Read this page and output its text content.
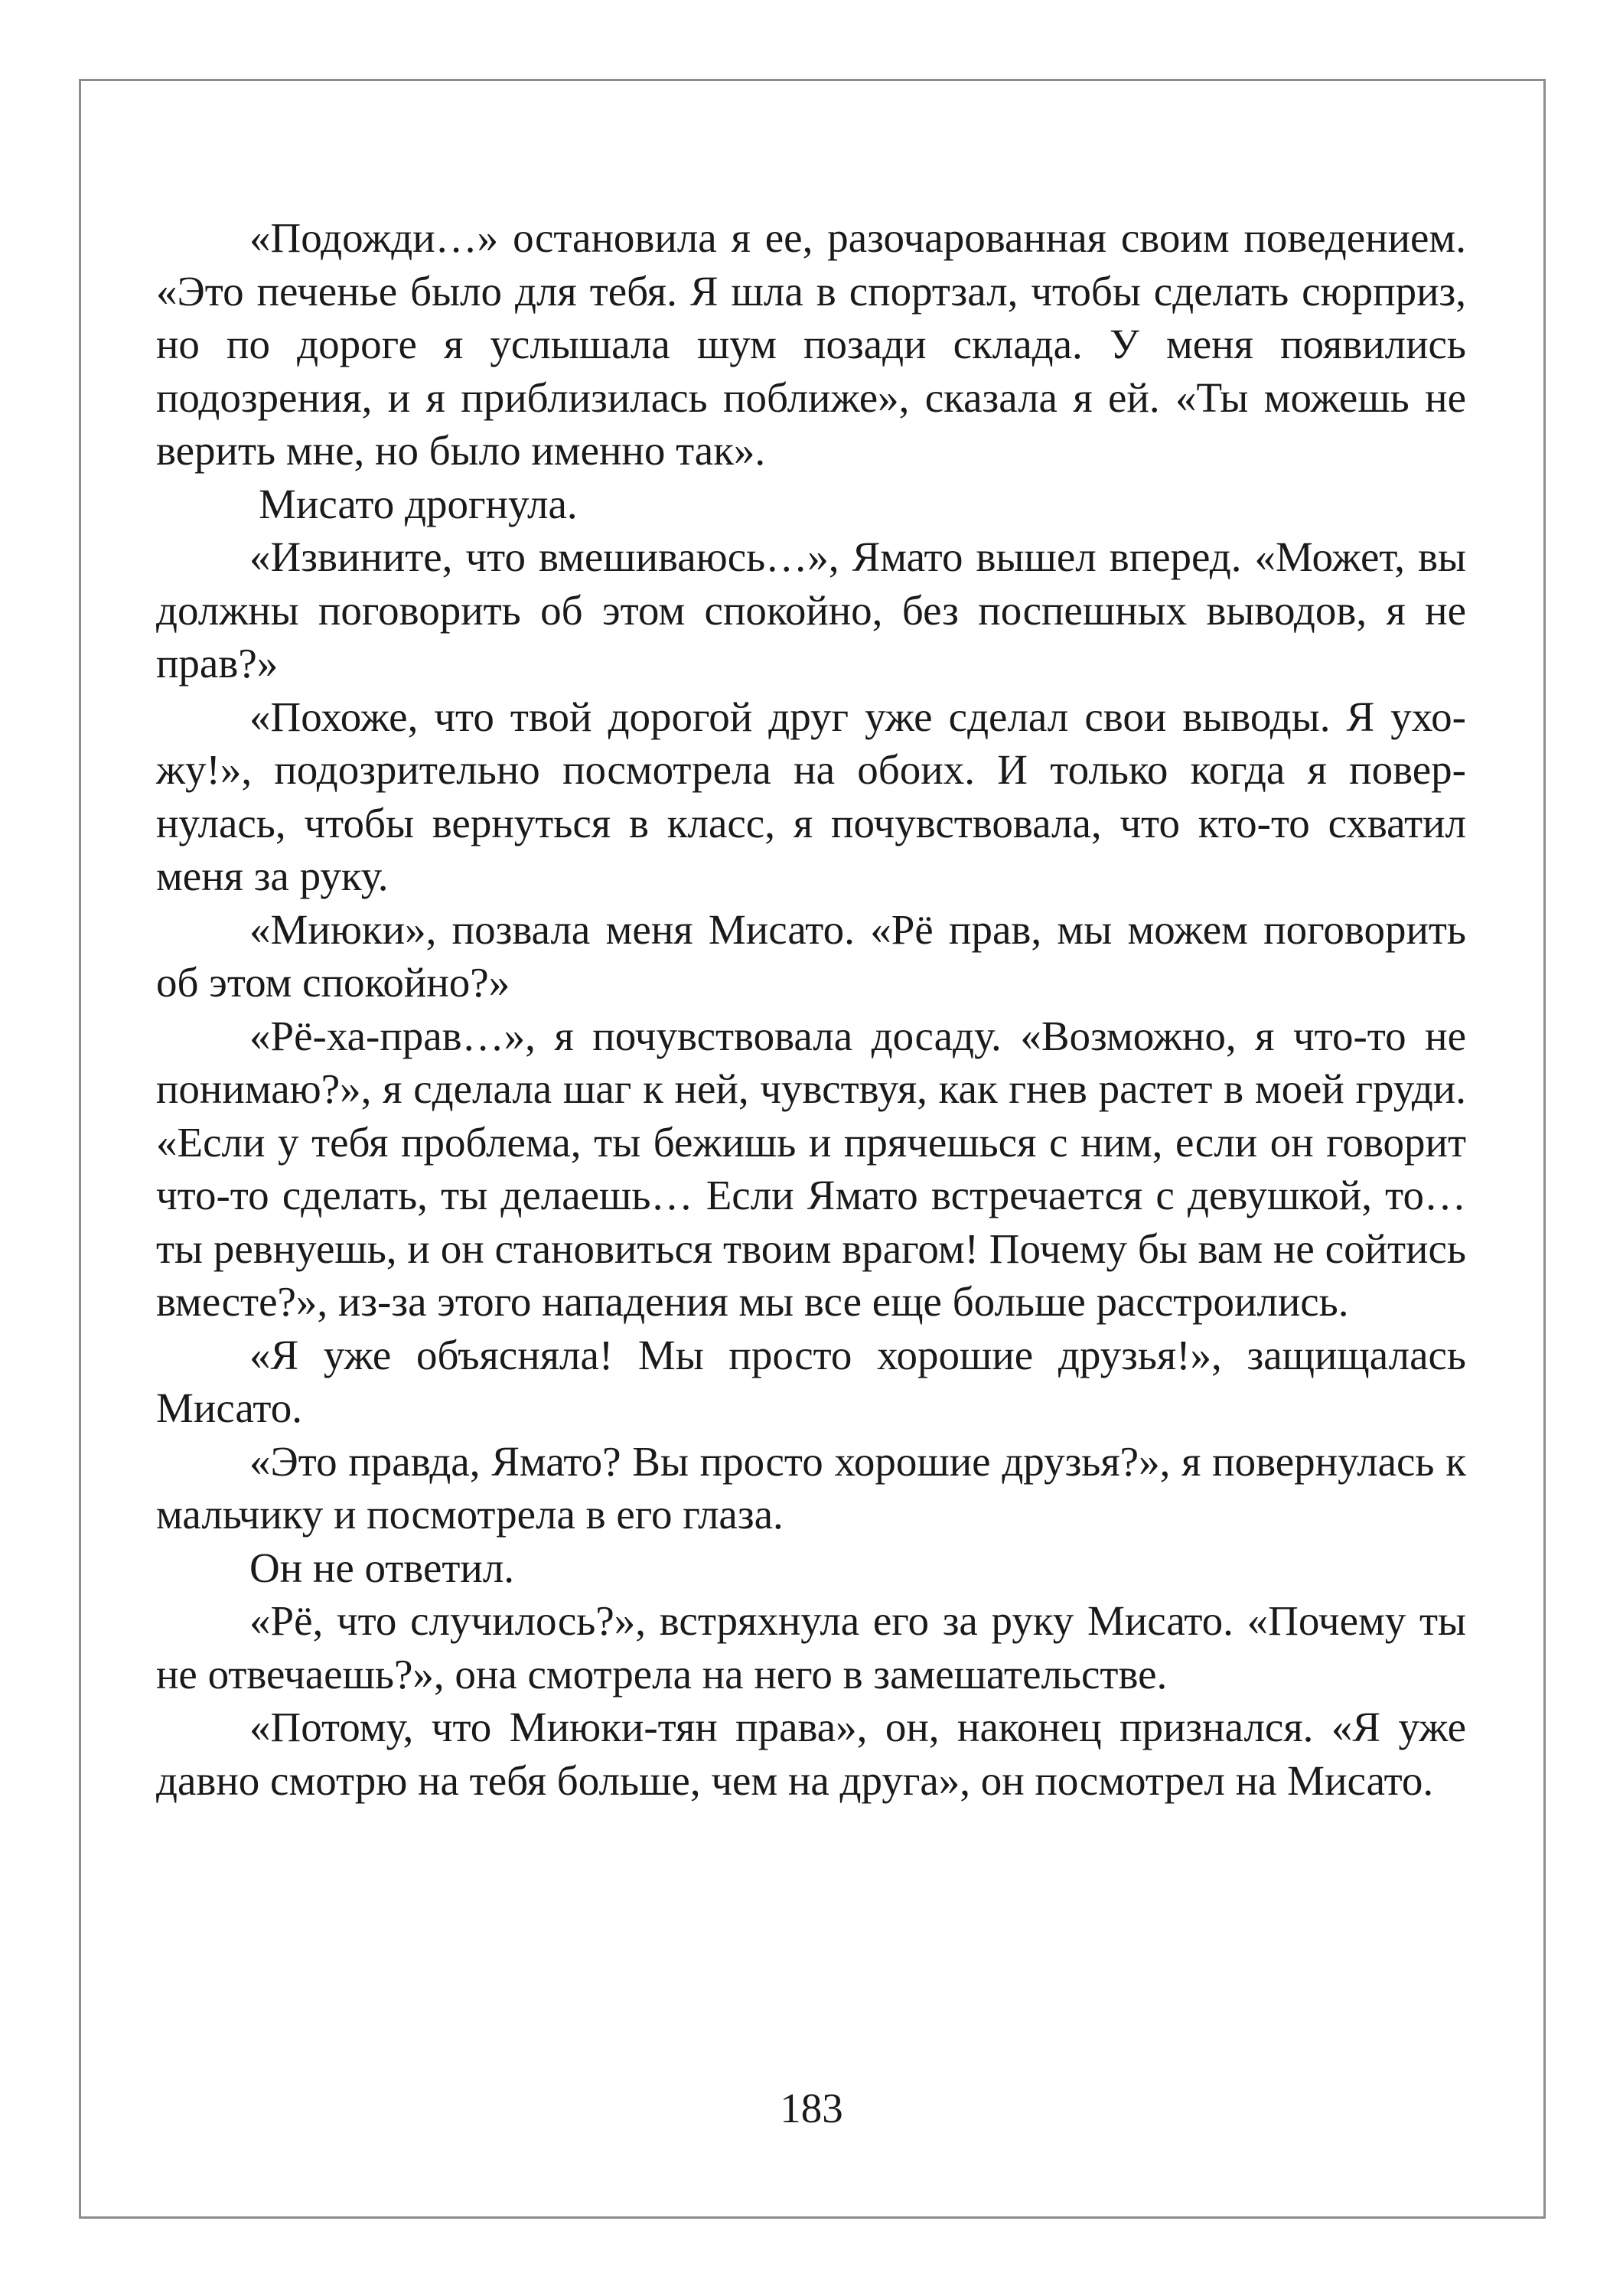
«Подожди…» остановила я ее, разочарованная своим поведением. «Это печенье было для тебя. Я шла в спортзал, чтобы сделать сюрприз, но по дороге я услышала шум позади склада. У меня появились подозрения, и я приблизилась поближе», сказала я ей. «Ты можешь не верить мне, но было именно так».

Мисато дрогнула.

«Извините, что вмешиваюсь…», Ямато вышел вперед. «Может, вы должны поговорить об этом спокойно, без поспешных выводов, я не прав?»

«Похоже, что твой дорогой друг уже сделал свои выводы. Я ухожу!», подозрительно посмотрела на обоих. И только когда я повернулась, чтобы вернуться в класс, я почувствовала, что кто-то схватил меня за руку.

«Миюки», позвала меня Мисато. «Рё прав, мы можем поговорить об этом спокойно?»

«Рё-ха-прав…», я почувствовала досаду. «Возможно, я что-то не понимаю?», я сделала шаг к ней, чувствуя, как гнев растет в моей груди. «Если у тебя проблема, ты бежишь и прячешься с ним, если он говорит что-то сделать, ты делаешь… Если Ямато встречается с девушкой, то… ты ревнуешь, и он становиться твоим врагом! Почему бы вам не сойтись вместе?», из-за этого нападения мы все еще больше расстроились.

«Я уже объясняла! Мы просто хорошие друзья!», защищалась Мисато.

«Это правда, Ямато? Вы просто хорошие друзья?», я повернулась к мальчику и посмотрела в его глаза.

Он не ответил.

«Рё, что случилось?», встряхнула его за руку Мисато. «Почему ты не отвечаешь?», она смотрела на него в замешательстве.

«Потому, что Миюки-тян права», он, наконец признался. «Я уже давно смотрю на тебя больше, чем на друга», он посмотрел на Мисато.

183
